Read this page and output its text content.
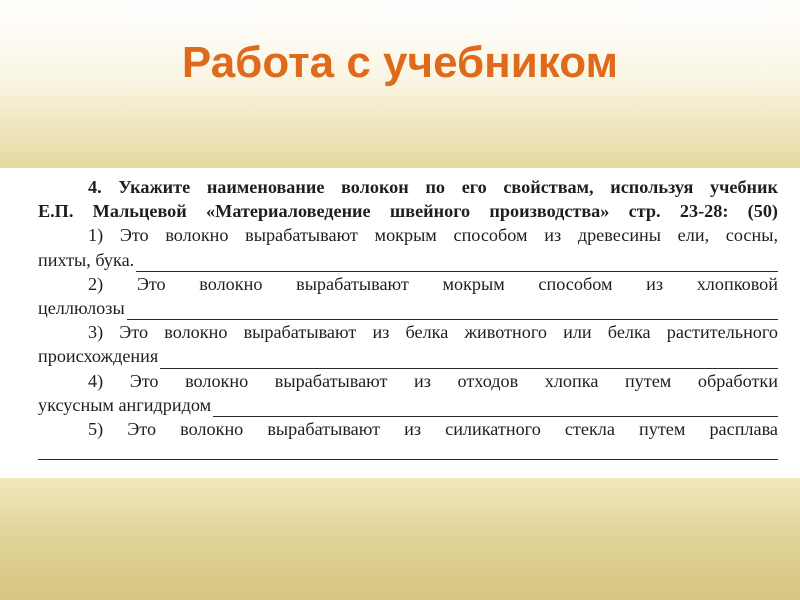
Работа с учебником
4. Укажите наименование волокон по его свойствам, используя учебник
Е.П. Мальцевой «Материаловедение швейного производства» стр. 23-28: (50)
1) Это волокно вырабатывают мокрым способом из древесины ели, сосны,
пихты, бука.
2) Это волокно вырабатывают мокрым способом из хлопковой
целлюлозы
3) Это волокно вырабатывают из белка животного или белка растительного
происхождения
4) Это волокно вырабатывают из отходов хлопка путем обработки
уксусным ангидридом
5) Это волокно вырабатывают из силикатного стекла путем расплава
